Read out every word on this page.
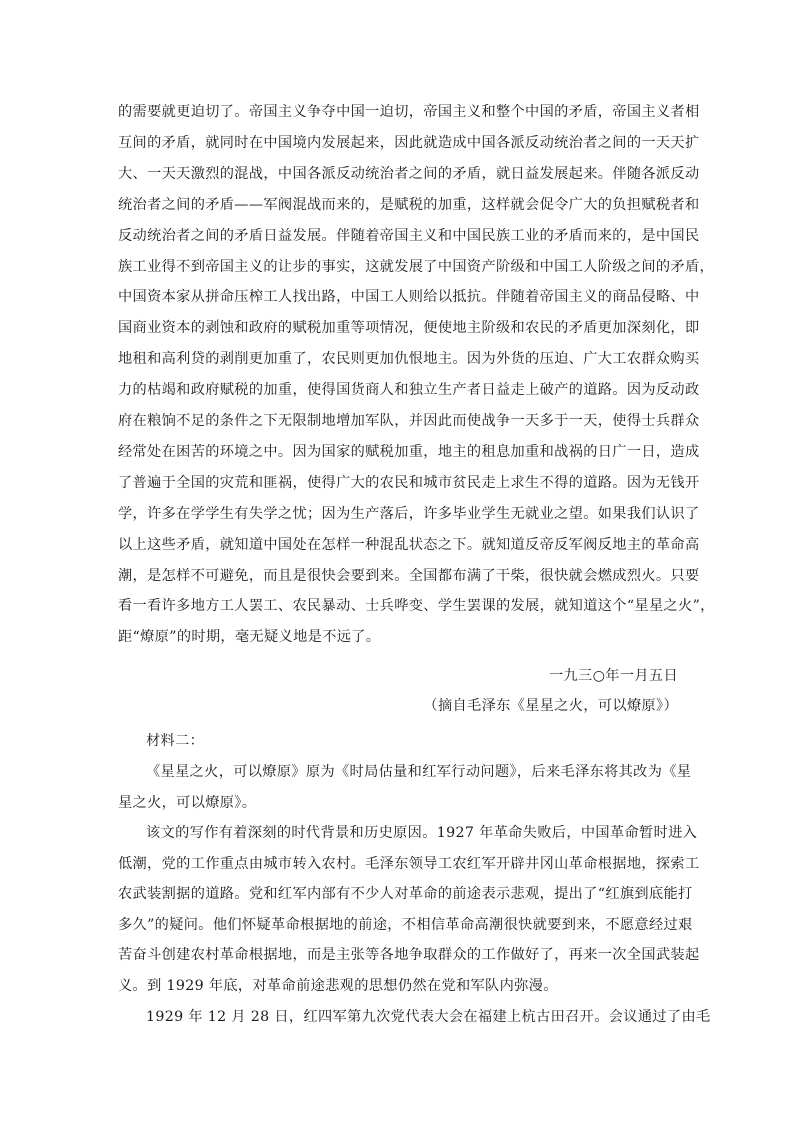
的需要就更迫切了。帝国主义争夺中国一迫切，帝国主义和整个中国的矛盾，帝国主义者相
互间的矛盾，就同时在中国境内发展起来，因此就造成中国各派反动统治者之间的一天天扩
大、一天天激烈的混战，中国各派反动统治者之间的矛盾，就日益发展起来。伴随各派反动
统治者之间的矛盾——军阀混战而来的，是赋税的加重，这样就会促令广大的负担赋税者和
反动统治者之间的矛盾日益发展。伴随着帝国主义和中国民族工业的矛盾而来的，是中国民
族工业得不到帝国主义的让步的事实，这就发展了中国资产阶级和中国工人阶级之间的矛盾，
中国资本家从拼命压榨工人找出路，中国工人则给以抵抗。伴随着帝国主义的商品侵略、中
国商业资本的剥蚀和政府的赋税加重等项情况，便使地主阶级和农民的矛盾更加深刻化，即
地租和高利贷的剥削更加重了，农民则更加仇恨地主。因为外货的压迫、广大工农群众购买
力的枯竭和政府赋税的加重，使得国货商人和独立生产者日益走上破产的道路。因为反动政
府在粮饷不足的条件之下无限制地增加军队，并因此而使战争一天多于一天，使得士兵群众
经常处在困苦的环境之中。因为国家的赋税加重，地主的租息加重和战祸的日广一日，造成
了普遍于全国的灾荒和匪祸，使得广大的农民和城市贫民走上求生不得的道路。因为无钱开
学，许多在学学生有失学之忧；因为生产落后，许多毕业学生无就业之望。如果我们认识了
以上这些矛盾，就知道中国处在怎样一种混乱状态之下。就知道反帝反军阀反地主的革命高
潮，是怎样不可避免，而且是很快会要到来。全国都布满了干柴，很快就会燃成烈火。只要
看一看许多地方工人罢工、农民暴动、士兵哗变、学生罢课的发展，就知道这个“星星之火”，
距“燎原”的时期，毫无疑义地是不远了。
一九三○年一月五日
（摘自毛泽东《星星之火，可以燎原》）
材料二：
《星星之火，可以燎原》原为《时局估量和红军行动问题》，后来毛泽东将其改为《星
星之火，可以燎原》。
该文的写作有着深刻的时代背景和历史原因。1927 年革命失败后，中国革命暂时进入
低潮，党的工作重点由城市转入农村。毛泽东领导工农红军开辟井冈山革命根据地，探索工
农武装割据的道路。党和红军内部有不少人对革命的前途表示悲观，提出了“红旗到底能打
多久”的疑问。他们怀疑革命根据地的前途，不相信革命高潮很快就要到来，不愿意经过艰
苦奋斗创建农村革命根据地，而是主张等各地争取群众的工作做好了，再来一次全国武装起
义。到 1929 年底，对革命前途悲观的思想仍然在党和军队内弥漫。
1929 年 12 月 28 日，红四军第九次党代表大会在福建上杭古田召开。会议通过了由毛
